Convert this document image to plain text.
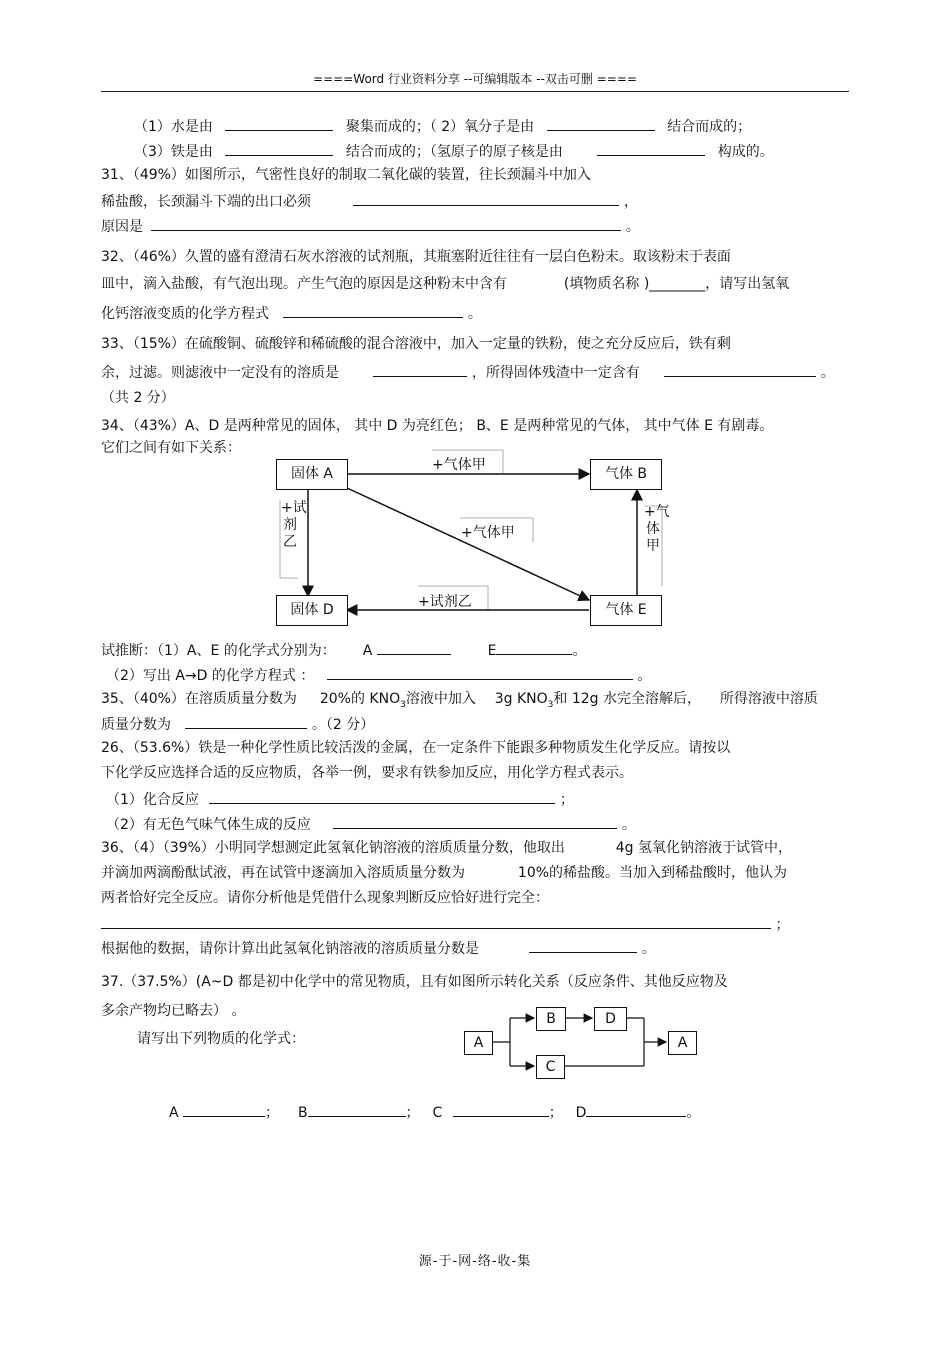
====Word 行业资料分享 --可编辑版本 --双击可删 ====
（1）水是由	聚集而成的；（ 2）氧分子是由	结合而成的；
（3）铁是由	结合而成的；（氢原子的原子核是由	构成的。
31、（49%）如图所示，气密性良好的制取二氧化碳的装置，往长颈漏斗中加入
稀盐酸，长颈漏斗下端的出口必须	，
原因是	。
32、（46%）久置的盛有澄清石灰水溶液的试剂瓶，其瓶塞附近往往有一层白色粉末。取该粉末于表面
皿中，滴入盐酸，有气泡出现。产生气泡的原因是这种粉末中含有	(填物质名称 )________，请写出氢氧
化钙溶液变质的化学方程式	。
33、（15%）在硫酸铜、硫酸锌和稀硫酸的混合溶液中，加入一定量的铁粉，使之充分反应后，铁有剩
余，过滤。则滤液中一定没有的溶质是	，所得固体残渣中一定含有	。
（共 2 分）
34、（43%）A、D 是两种常见的固体， 其中 D 为亮红色； B、E 是两种常见的气体， 其中气体 E 有剧毒。
它们之间有如下关系：
固体 A	气体 B
固体 D	气体 E
+气体甲
+气体甲
+试剂乙
+试剂乙
+气体甲
试推断：（1）A、E 的化学式分别为： A	E	。
（2）写出 A→D 的化学方程式 ：	。
35、（40%）在溶质质量分数为 20%的 $KNO_3$溶液中加入 3g $KNO_3$和 12g 水完全溶解后， 所得溶液中溶质
质量分数为	。（2 分）
26、（53.6%）铁是一种化学性质比较活泼的金属，在一定条件下能跟多种物质发生化学反应。请按以
下化学反应选择合适的反应物质，各举一例，要求有铁参加反应，用化学方程式表示。
（1）化合反应	；
（2）有无色气味气体生成的反应	。
36、（4）（39%）小明同学想测定此氢氧化钠溶液的溶质质量分数，他取出	4g 氢氧化钠溶液于试管中，
并滴加两滴酚酞试液，再在试管中逐滴加入溶质质量分数为	10%的稀盐酸。当加入到稀盐酸时，他认为
两者恰好完全反应。请你分析他是凭借什么现象判断反应恰好进行完全：
；
根据他的数据，请你计算出此氢氧化钠溶液的溶质质量分数是	。
37.（37.5%）(A~D 都是初中化学中的常见物质，且有如图所示转化关系（反应条件、其他反应物及
多余产物均已略去） 。
请写出下列物质的化学式：	A
B	D
C
A
A	； B	； C	； D	。
源-于-网-络-收-集
